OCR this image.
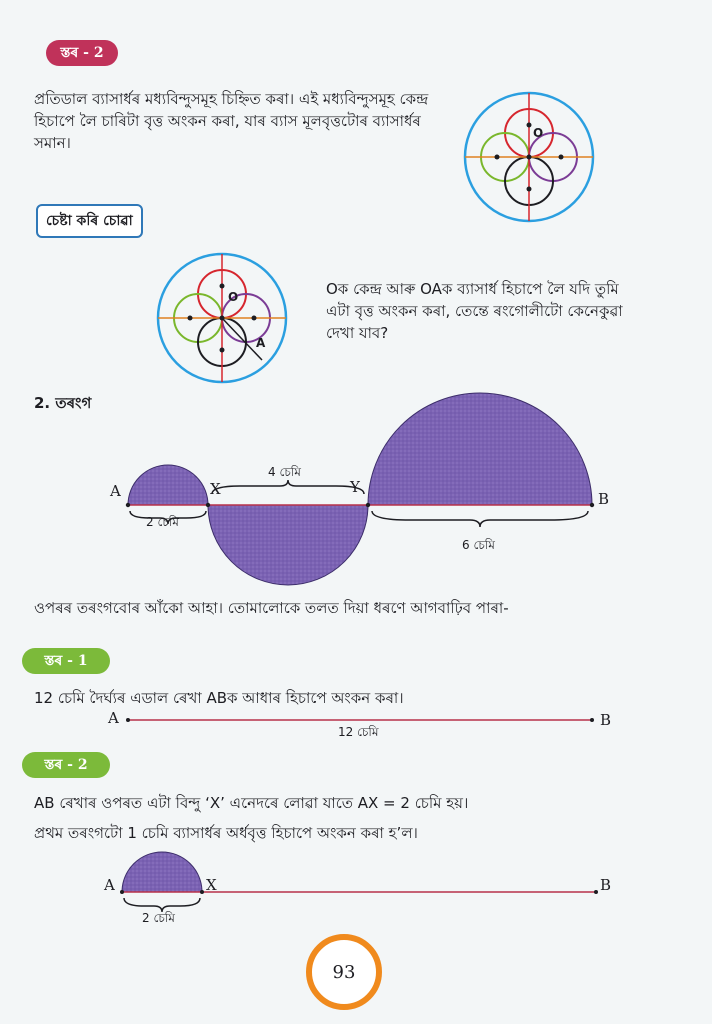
স্তৰ - 2
প্ৰতিডাল ব্যাসার্ধৰ মধ্যবিন্দুসমূহ চিহ্নিত কৰা। এই মধ্যবিন্দুসমূহ কেন্দ্ৰ হিচাপে লৈ চাৰিটা বৃত্ত অংকন কৰা, যাৰ ব্যাস মূলবৃত্তটোৰ ব্যাসার্ধৰ সমান।
O
চেষ্টা কৰি চোৱা
O
A
Oক কেন্দ্ৰ আৰু OAক ব্যাসার্ধ হিচাপে লৈ যদি তুমি এটা বৃত্ত অংকন কৰা, তেন্তে ৰংগোলীটো কেনেকুৱা দেখা যাব?
2. তৰংগ
A	X	Y
B
2 চেমি
4 চেমি
6 চেমি
ওপৰৰ তৰংগবোৰ আঁকো আহা। তোমালোকে তলত দিয়া ধৰণে আগবাঢ়িব পাৰা-
স্তৰ - 1
12 চেমি দৈৰ্ঘ্যৰ এডাল ৰেখা ABক আধাৰ হিচাপে অংকন কৰা।
A	B
12 চেমি
স্তৰ - 2
AB ৰেখাৰ ওপৰত এটা বিন্দু ‘X’ এনেদৰে লোৱা যাতে AX = 2 চেমি হয়।
প্ৰথম তৰংগটো 1 চেমি ব্যাসার্ধৰ অৰ্ধবৃত্ত হিচাপে অংকন কৰা হ’ল।
A	X	B
2 চেমি
93
